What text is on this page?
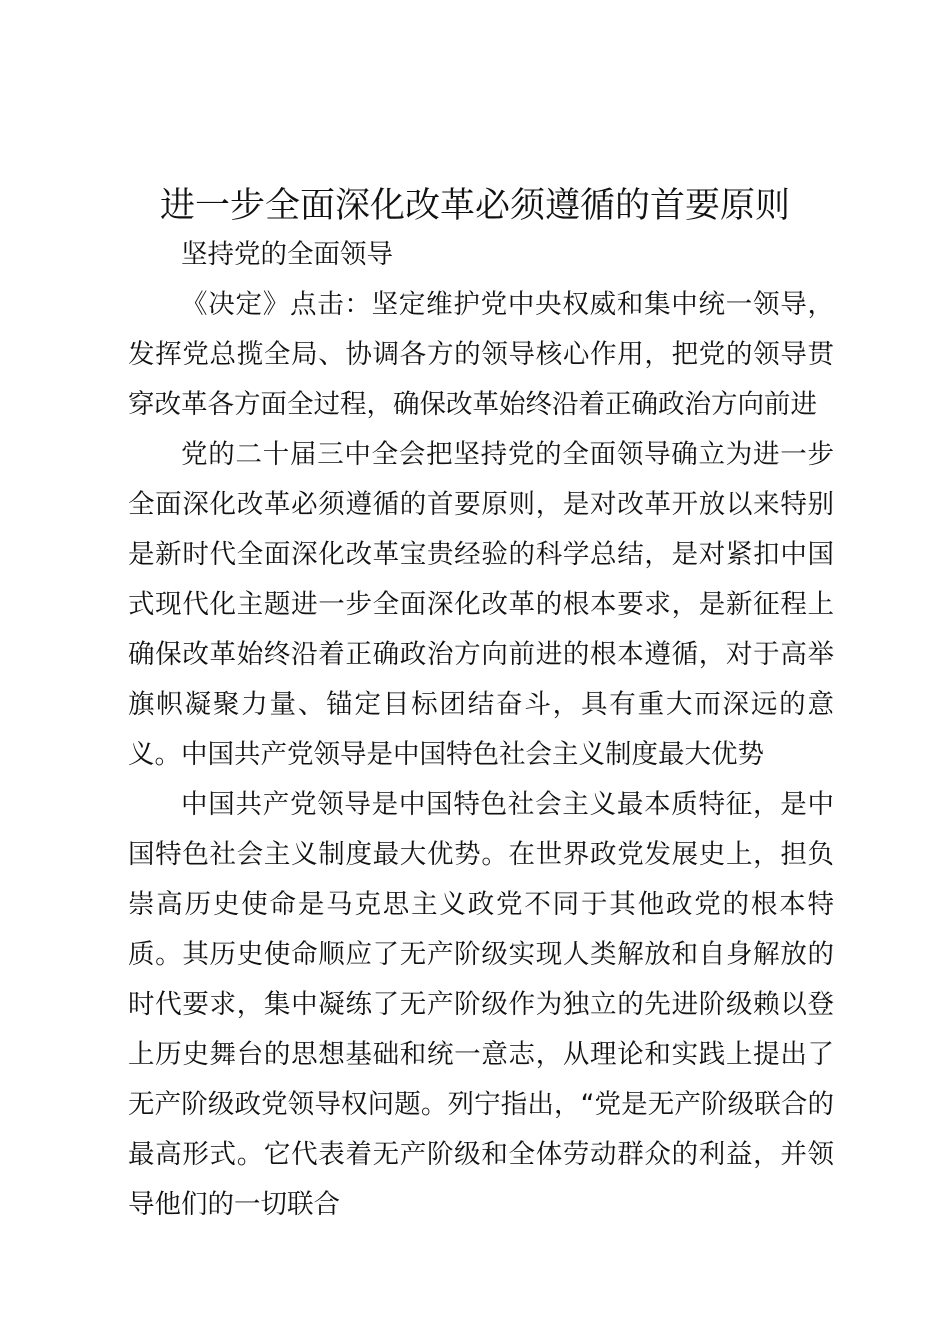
进一步全面深化改革必须遵循的首要原则

坚持党的全面领导

《决定》点击：坚定维护党中央权威和集中统一领导，发挥党总揽全局、协调各方的领导核心作用，把党的领导贯穿改革各方面全过程，确保改革始终沿着正确政治方向前进

党的二十届三中全会把坚持党的全面领导确立为进一步全面深化改革必须遵循的首要原则，是对改革开放以来特别是新时代全面深化改革宝贵经验的科学总结，是对紧扣中国式现代化主题进一步全面深化改革的根本要求，是新征程上确保改革始终沿着正确政治方向前进的根本遵循，对于高举旗帜凝聚力量、锚定目标团结奋斗，具有重大而深远的意义。 中国共产党领导是中国特色社会主义制度最大优势

中国共产党领导是中国特色社会主义最本质特征，是中国特色社会主义制度最大优势。在世界政党发展史上，担负崇高历史使命是马克思主义政党不同于其他政党的根本特质。其历史使命顺应了无产阶级实现人类解放和自身解放的时代要求，集中凝练了无产阶级作为独立的先进阶级赖以登上历史舞台的思想基础和统一意志，从理论和实践上提出了无产阶级政党领导权问题。列宁指出，“党是无产阶级联合的最高形式。它代表着无产阶级和全体劳动群众的利益，并领导他们的一切联合
